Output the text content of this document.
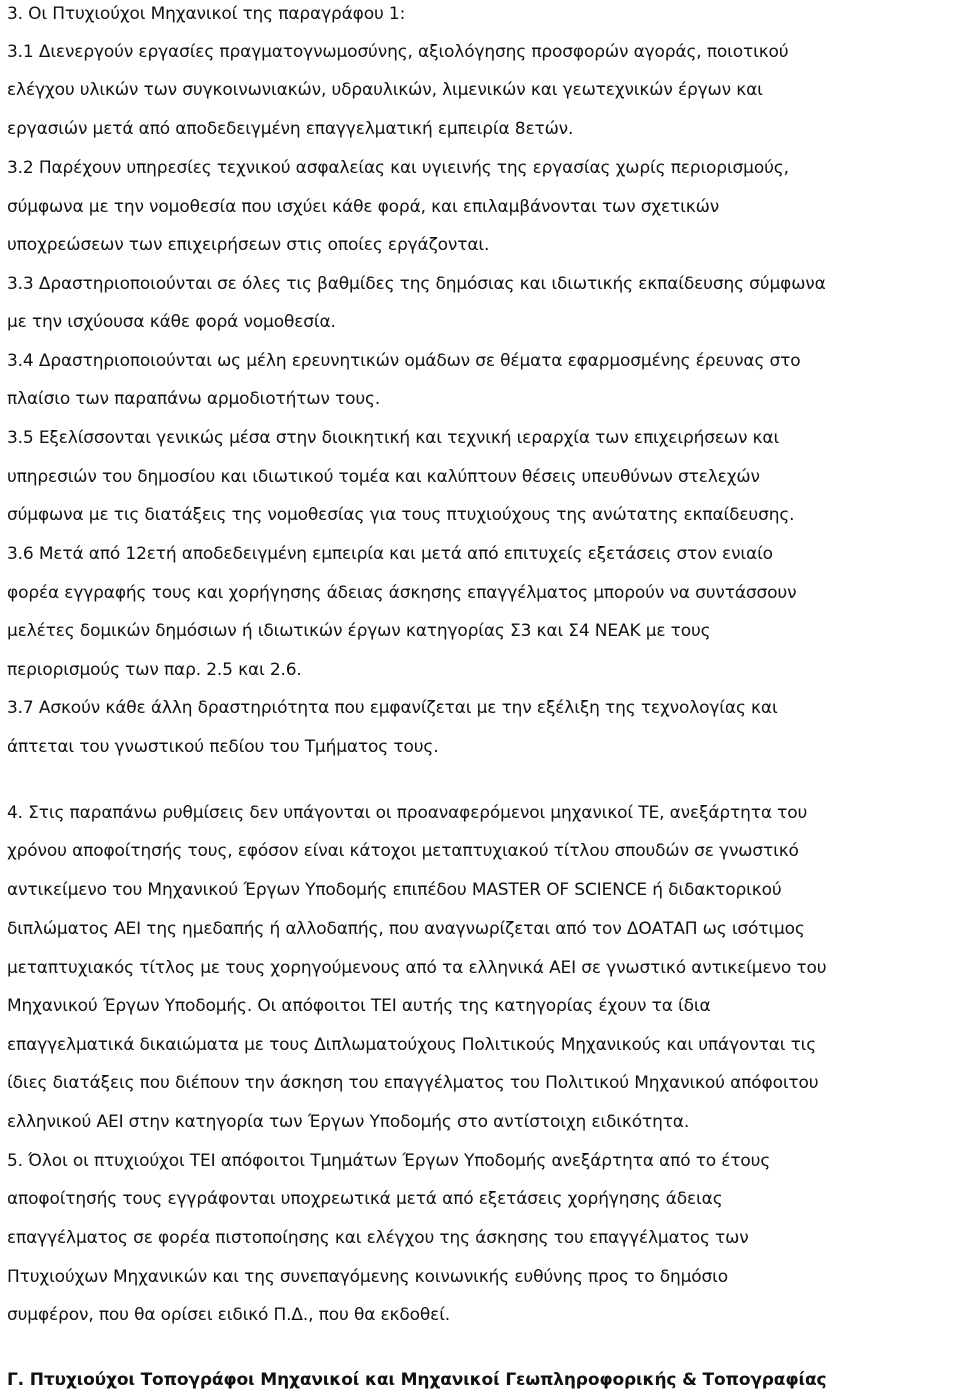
3. Οι Πτυχιούχοι Μηχανικοί της παραγράφου 1:
3.1 Διενεργούν εργασίες πραγματογνωμοσύνης, αξιολόγησης προσφορών αγοράς, ποιοτικού
ελέγχου υλικών των συγκοινωνιακών, υδραυλικών, λιμενικών και γεωτεχνικών έργων και
εργασιών μετά από αποδεδειγμένη επαγγελματική εμπειρία 8ετών.
3.2 Παρέχουν υπηρεσίες τεχνικού ασφαλείας και υγιεινής της εργασίας χωρίς περιορισμούς,
σύμφωνα με την νομοθεσία που ισχύει κάθε φορά, και επιλαμβάνονται των σχετικών
υποχρεώσεων των επιχειρήσεων στις οποίες εργάζονται.
3.3 Δραστηριοποιούνται σε όλες τις βαθμίδες της δημόσιας και ιδιωτικής εκπαίδευσης σύμφωνα
με την ισχύουσα κάθε φορά νομοθεσία.
3.4 Δραστηριοποιούνται ως μέλη ερευνητικών ομάδων σε θέματα εφαρμοσμένης έρευνας στο
πλαίσιο των παραπάνω αρμοδιοτήτων τους.
3.5 Εξελίσσονται γενικώς μέσα στην διοικητική και τεχνική ιεραρχία των επιχειρήσεων και
υπηρεσιών του δημοσίου και ιδιωτικού τομέα και καλύπτουν θέσεις υπευθύνων στελεχών
σύμφωνα με τις διατάξεις της νομοθεσίας για τους πτυχιούχους της ανώτατης εκπαίδευσης.
3.6 Μετά από 12ετή αποδεδειγμένη εμπειρία και μετά από επιτυχείς εξετάσεις στον ενιαίο
φορέα εγγραφής τους και χορήγησης άδειας άσκησης επαγγέλματος μπορούν να συντάσσουν
μελέτες δομικών δημόσιων ή ιδιωτικών έργων κατηγορίας Σ3 και Σ4 ΝΕΑΚ με τους
περιορισμούς των παρ. 2.5 και 2.6.
3.7 Ασκούν κάθε άλλη δραστηριότητα που εμφανίζεται με την εξέλιξη της τεχνολογίας και
άπτεται του γνωστικού πεδίου του Τμήματος τους.
4. Στις παραπάνω ρυθμίσεις δεν υπάγονται οι προαναφερόμενοι μηχανικοί ΤΕ, ανεξάρτητα του
χρόνου αποφοίτησής τους, εφόσον είναι κάτοχοι μεταπτυχιακού τίτλου σπουδών σε γνωστικό
αντικείμενο του Μηχανικού Έργων Υποδομής επιπέδου MASTER OF SCIENCE ή διδακτορικού
διπλώματος ΑΕΙ της ημεδαπής ή αλλοδαπής, που αναγνωρίζεται από τον ΔΟΑΤΑΠ ως ισότιμος
μεταπτυχιακός τίτλος με τους χορηγούμενους από τα ελληνικά ΑΕΙ σε γνωστικό αντικείμενο του
Μηχανικού Έργων Υποδομής. Οι απόφοιτοι ΤΕΙ αυτής της κατηγορίας έχουν τα ίδια
επαγγελματικά δικαιώματα με τους Διπλωματούχους Πολιτικούς Μηχανικούς και υπάγονται τις
ίδιες διατάξεις που διέπουν την άσκηση του επαγγέλματος του Πολιτικού Μηχανικού απόφοιτου
ελληνικού ΑΕΙ στην κατηγορία των Έργων Υποδομής στο αντίστοιχη ειδικότητα.
5. Όλοι οι πτυχιούχοι ΤΕΙ απόφοιτοι Τμημάτων Έργων Υποδομής ανεξάρτητα από το έτους
αποφοίτησής τους εγγράφονται υποχρεωτικά μετά από εξετάσεις χορήγησης άδειας
επαγγέλματος σε φορέα πιστοποίησης και ελέγχου της άσκησης του επαγγέλματος των
Πτυχιούχων Μηχανικών και της συνεπαγόμενης κοινωνικής ευθύνης προς το δημόσιο
συμφέρον, που θα ορίσει ειδικό Π.Δ., που θα εκδοθεί.
Γ. Πτυχιούχοι Τοπογράφοι Μηχανικοί και Μηχανικοί Γεωπληροφορικής & Τοπογραφίας
